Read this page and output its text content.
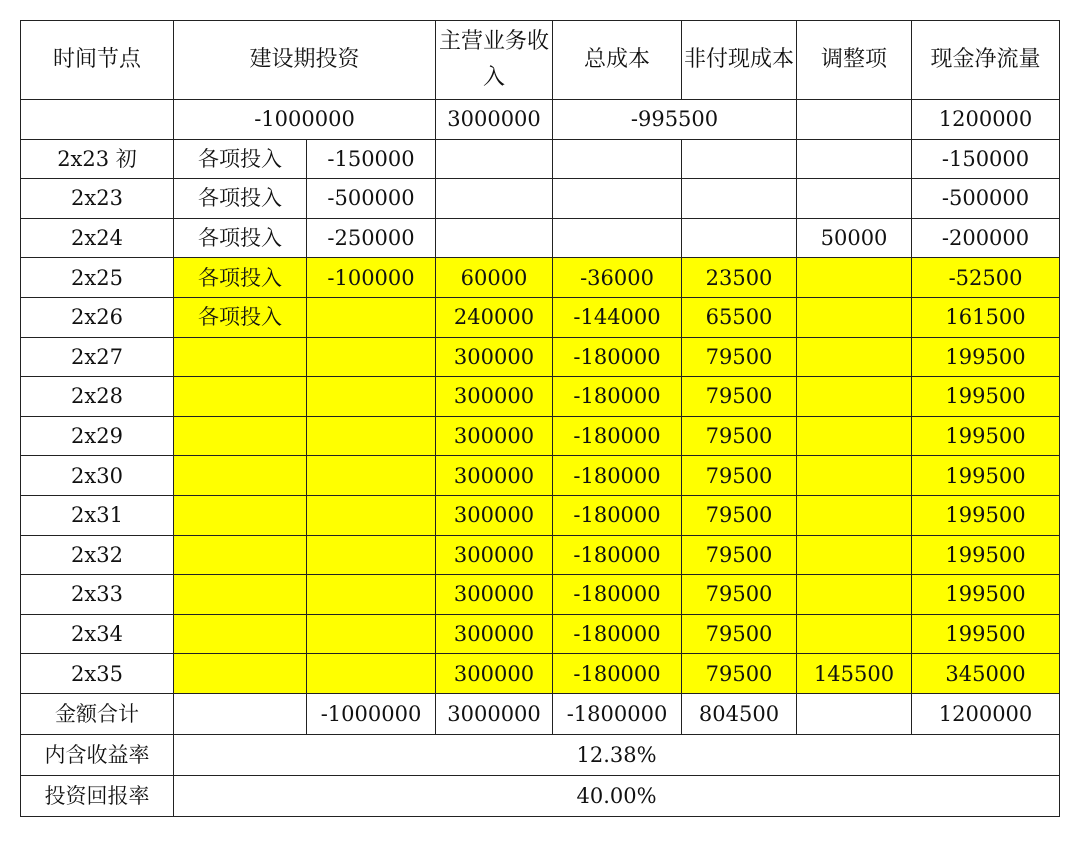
时间节点	建设期投资		主营业务收入	总成本	非付现成本	调整项	现金净流量
	-1000000		3000000	-995500			1200000
2x23 初	各项投入	-150000					-150000
2x23	各项投入	-500000					-500000
2x24	各项投入	-250000				50000	-200000
2x25	各项投入	-100000	60000	-36000	23500		-52500
2x26	各项投入		240000	-144000	65500		161500
2x27			300000	-180000	79500		199500
2x28			300000	-180000	79500		199500
2x29			300000	-180000	79500		199500
2x30			300000	-180000	79500		199500
2x31			300000	-180000	79500		199500
2x32			300000	-180000	79500		199500
2x33			300000	-180000	79500		199500
2x34			300000	-180000	79500		199500
2x35			300000	-180000	79500	145500	345000
金额合计		-1000000	3000000	-1800000	804500		1200000
内含收益率	12.38%						
投资回报率	40.00%						
